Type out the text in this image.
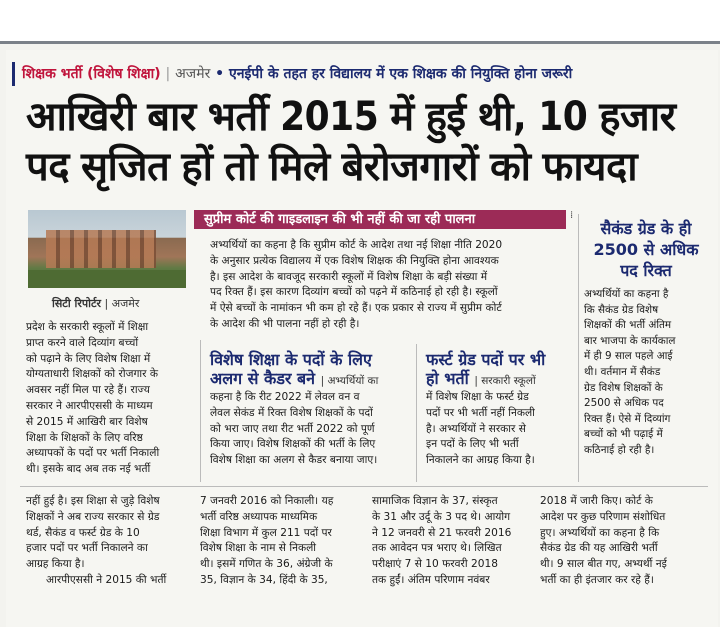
शिक्षक भर्ती (विशेष शिक्षा) | अजमेर • एनईपी के तहत हर विद्यालय में एक शिक्षक की नियुक्ति होना जरूरी
आखिरी बार भर्ती 2015 में हुई थी, 10 हजार
पद सृजित हों तो मिले बेरोजगारों को फायदा
सिटी रिपोर्टर | अजमेर
सुप्रीम कोर्ट की गाइडलाइन की भी नहीं की जा रही पालना	⁞
अभ्यर्थियों का कहना है कि सुप्रीम कोर्ट के आदेश तथा नई शिक्षा नीति 2020
के अनुसार प्रत्येक विद्यालय में एक विशेष शिक्षक की नियुक्ति होना आवश्यक
है। इस आदेश के बावजूद सरकारी स्कूलों में विशेष शिक्षा के बड़ी संख्या में
पद रिक्त हैं। इस कारण दिव्यांग बच्चों को पढ़ने में कठिनाई हो रही है। स्कूलों
में ऐसे बच्चों के नामांकन भी कम हो रहे हैं। एक प्रकार से राज्य में सुप्रीम कोर्ट
के आदेश की भी पालना नहीं हो रही है।
प्रदेश के सरकारी स्कूलों में शिक्षा
प्राप्त करने वाले दिव्यांग बच्चों
को पढ़ाने के लिए विशेष शिक्षा में
योग्यताधारी शिक्षकों को रोजगार के
अवसर नहीं मिल पा रहे हैं। राज्य
सरकार ने आरपीएससी के माध्यम
से 2015 में आखिरी बार विशेष
शिक्षा के शिक्षकों के लिए वरिष्ठ
अध्यापकों के पदों पर भर्ती निकाली
थी। इसके बाद अब तक नई भर्ती
विशेष शिक्षा के पदों के लिए
अलग से कैडर बने | अभ्यर्थियों का
कहना है कि रीट 2022 में लेवल वन व
लेवल सेकंड में रिक्त विशेष शिक्षकों के पदों
को भरा जाए तथा रीट भर्ती 2022 को पूर्ण
किया जाए। विशेष शिक्षकों की भर्ती के लिए
विशेष शिक्षा का अलग से कैडर बनाया जाए।
फर्स्ट ग्रेड पदों पर भी
हो भर्ती | सरकारी स्कूलों
में विशेष शिक्षा के फर्स्ट ग्रेड
पदों पर भी भर्ती नहीं निकली
है। अभ्यर्थियों ने सरकार से
इन पदों के लिए भी भर्ती
निकालने का आग्रह किया है।
सैकंड ग्रेड के ही
2500 से अधिक
पद रिक्त
अभ्यर्थियों का कहना है
कि सैकंड ग्रेड विशेष
शिक्षकों की भर्ती अंतिम
बार भाजपा के कार्यकाल
में ही 9 साल पहले आई
थी। वर्तमान में सैकंड
ग्रेड विशेष शिक्षकों के
2500 से अधिक पद
रिक्त हैं। ऐसे में दिव्यांग
बच्चों को भी पढ़ाई में
कठिनाई हो रही है।
नहीं हुई है। इस शिक्षा से जुड़े विशेष
शिक्षकों ने अब राज्य सरकार से ग्रेड
थर्ड, सैकंड व फर्स्ट ग्रेड के 10
हजार पदों पर भर्ती निकालने का
आग्रह किया है।
आरपीएससी ने 2015 की भर्ती
7 जनवरी 2016 को निकाली। यह
भर्ती वरिष्ठ अध्यापक माध्यमिक
शिक्षा विभाग में कुल 211 पदों पर
विशेष शिक्षा के नाम से निकली
थी। इसमें गणित के 36, अंग्रेजी के
35, विज्ञान के 34, हिंदी के 35,
सामाजिक विज्ञान के 37, संस्कृत
के 31 और उर्दू के 3 पद थे। आयोग
ने 12 जनवरी से 21 फरवरी 2016
तक आवेदन पत्र भराए थे। लिखित
परीक्षाएं 7 से 10 फरवरी 2018
तक हुईं। अंतिम परिणाम नवंबर
2018 में जारी किए। कोर्ट के
आदेश पर कुछ परिणाम संशोधित
हुए। अभ्यर्थियों का कहना है कि
सैकंड ग्रेड की यह आखिरी भर्ती
थी। 9 साल बीत गए, अभ्यर्थी नई
भर्ती का ही इंतजार कर रहे हैं।
